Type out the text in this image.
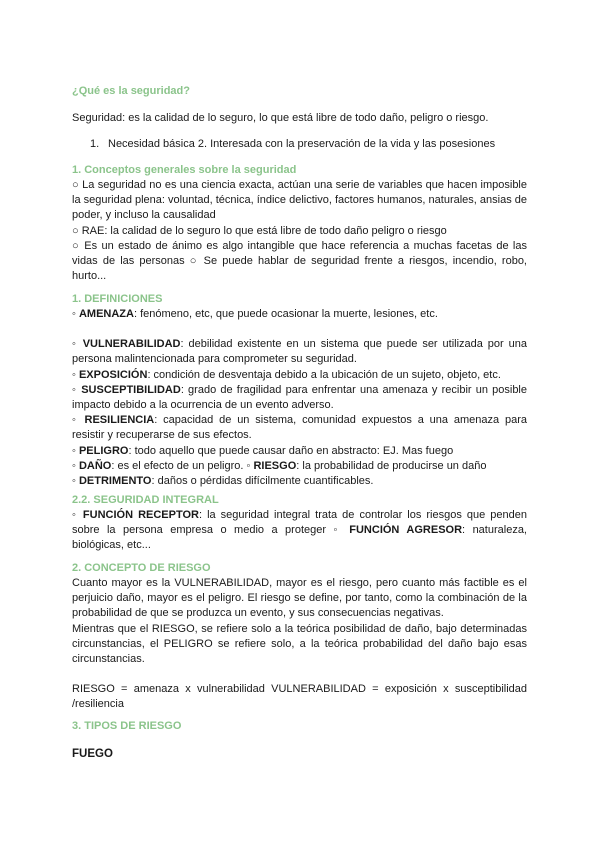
¿Qué es la seguridad?

Seguridad: es la calidad de lo seguro, lo que está libre de todo daño, peligro o riesgo.

1. Necesidad básica 2. Interesada con la preservación de la vida y las posesiones

1. Conceptos generales sobre la seguridad

○ La seguridad no es una ciencia exacta, actúan una serie de variables que hacen imposible la seguridad plena: voluntad, técnica, índice delictivo, factores humanos, naturales, ansias de poder, y incluso la causalidad

○ RAE: la calidad de lo seguro lo que está libre de todo daño peligro o riesgo

○ Es un estado de ánimo es algo intangible que hace referencia a muchas facetas de las vidas de las personas ○ Se puede hablar de seguridad frente a riesgos, incendio, robo, hurto...

1. DEFINICIONES

◦ AMENAZA: fenómeno, etc, que puede ocasionar la muerte, lesiones, etc.

◦ VULNERABILIDAD: debilidad existente en un sistema que puede ser utilizada por una persona malintencionada para comprometer su seguridad.

◦ EXPOSICIÓN: condición de desventaja debido a la ubicación de un sujeto, objeto, etc.

◦ SUSCEPTIBILIDAD: grado de fragilidad para enfrentar una amenaza y recibir un posible impacto debido a la ocurrencia de un evento adverso.

◦ RESILIENCIA: capacidad de un sistema, comunidad expuestos a una amenaza para resistir y recuperarse de sus efectos.

◦ PELIGRO: todo aquello que puede causar daño en abstracto: EJ. Mas fuego

◦ DAÑO: es el efecto de un peligro. ◦ RIESGO: la probabilidad de producirse un daño

◦ DETRIMENTO: daños o pérdidas difícilmente cuantificables.

2.2. SEGURIDAD INTEGRAL

◦ FUNCIÓN RECEPTOR: la seguridad integral trata de controlar los riesgos que penden sobre la persona empresa o medio a proteger ◦ FUNCIÓN AGRESOR: naturaleza, biológicas, etc...

2. CONCEPTO DE RIESGO

Cuanto mayor es la VULNERABILIDAD, mayor es el riesgo, pero cuanto más factible es el perjuicio daño, mayor es el peligro. El riesgo se define, por tanto, como la combinación de la probabilidad de que se produzca un evento, y sus consecuencias negativas.

Mientras que el RIESGO, se refiere solo a la teórica posibilidad de daño, bajo determinadas circunstancias, el PELIGRO se refiere solo, a la teórica probabilidad del daño bajo esas circunstancias.

RIESGO = amenaza x vulnerabilidad VULNERABILIDAD = exposición x susceptibilidad /resiliencia

3. TIPOS DE RIESGO

FUEGO
